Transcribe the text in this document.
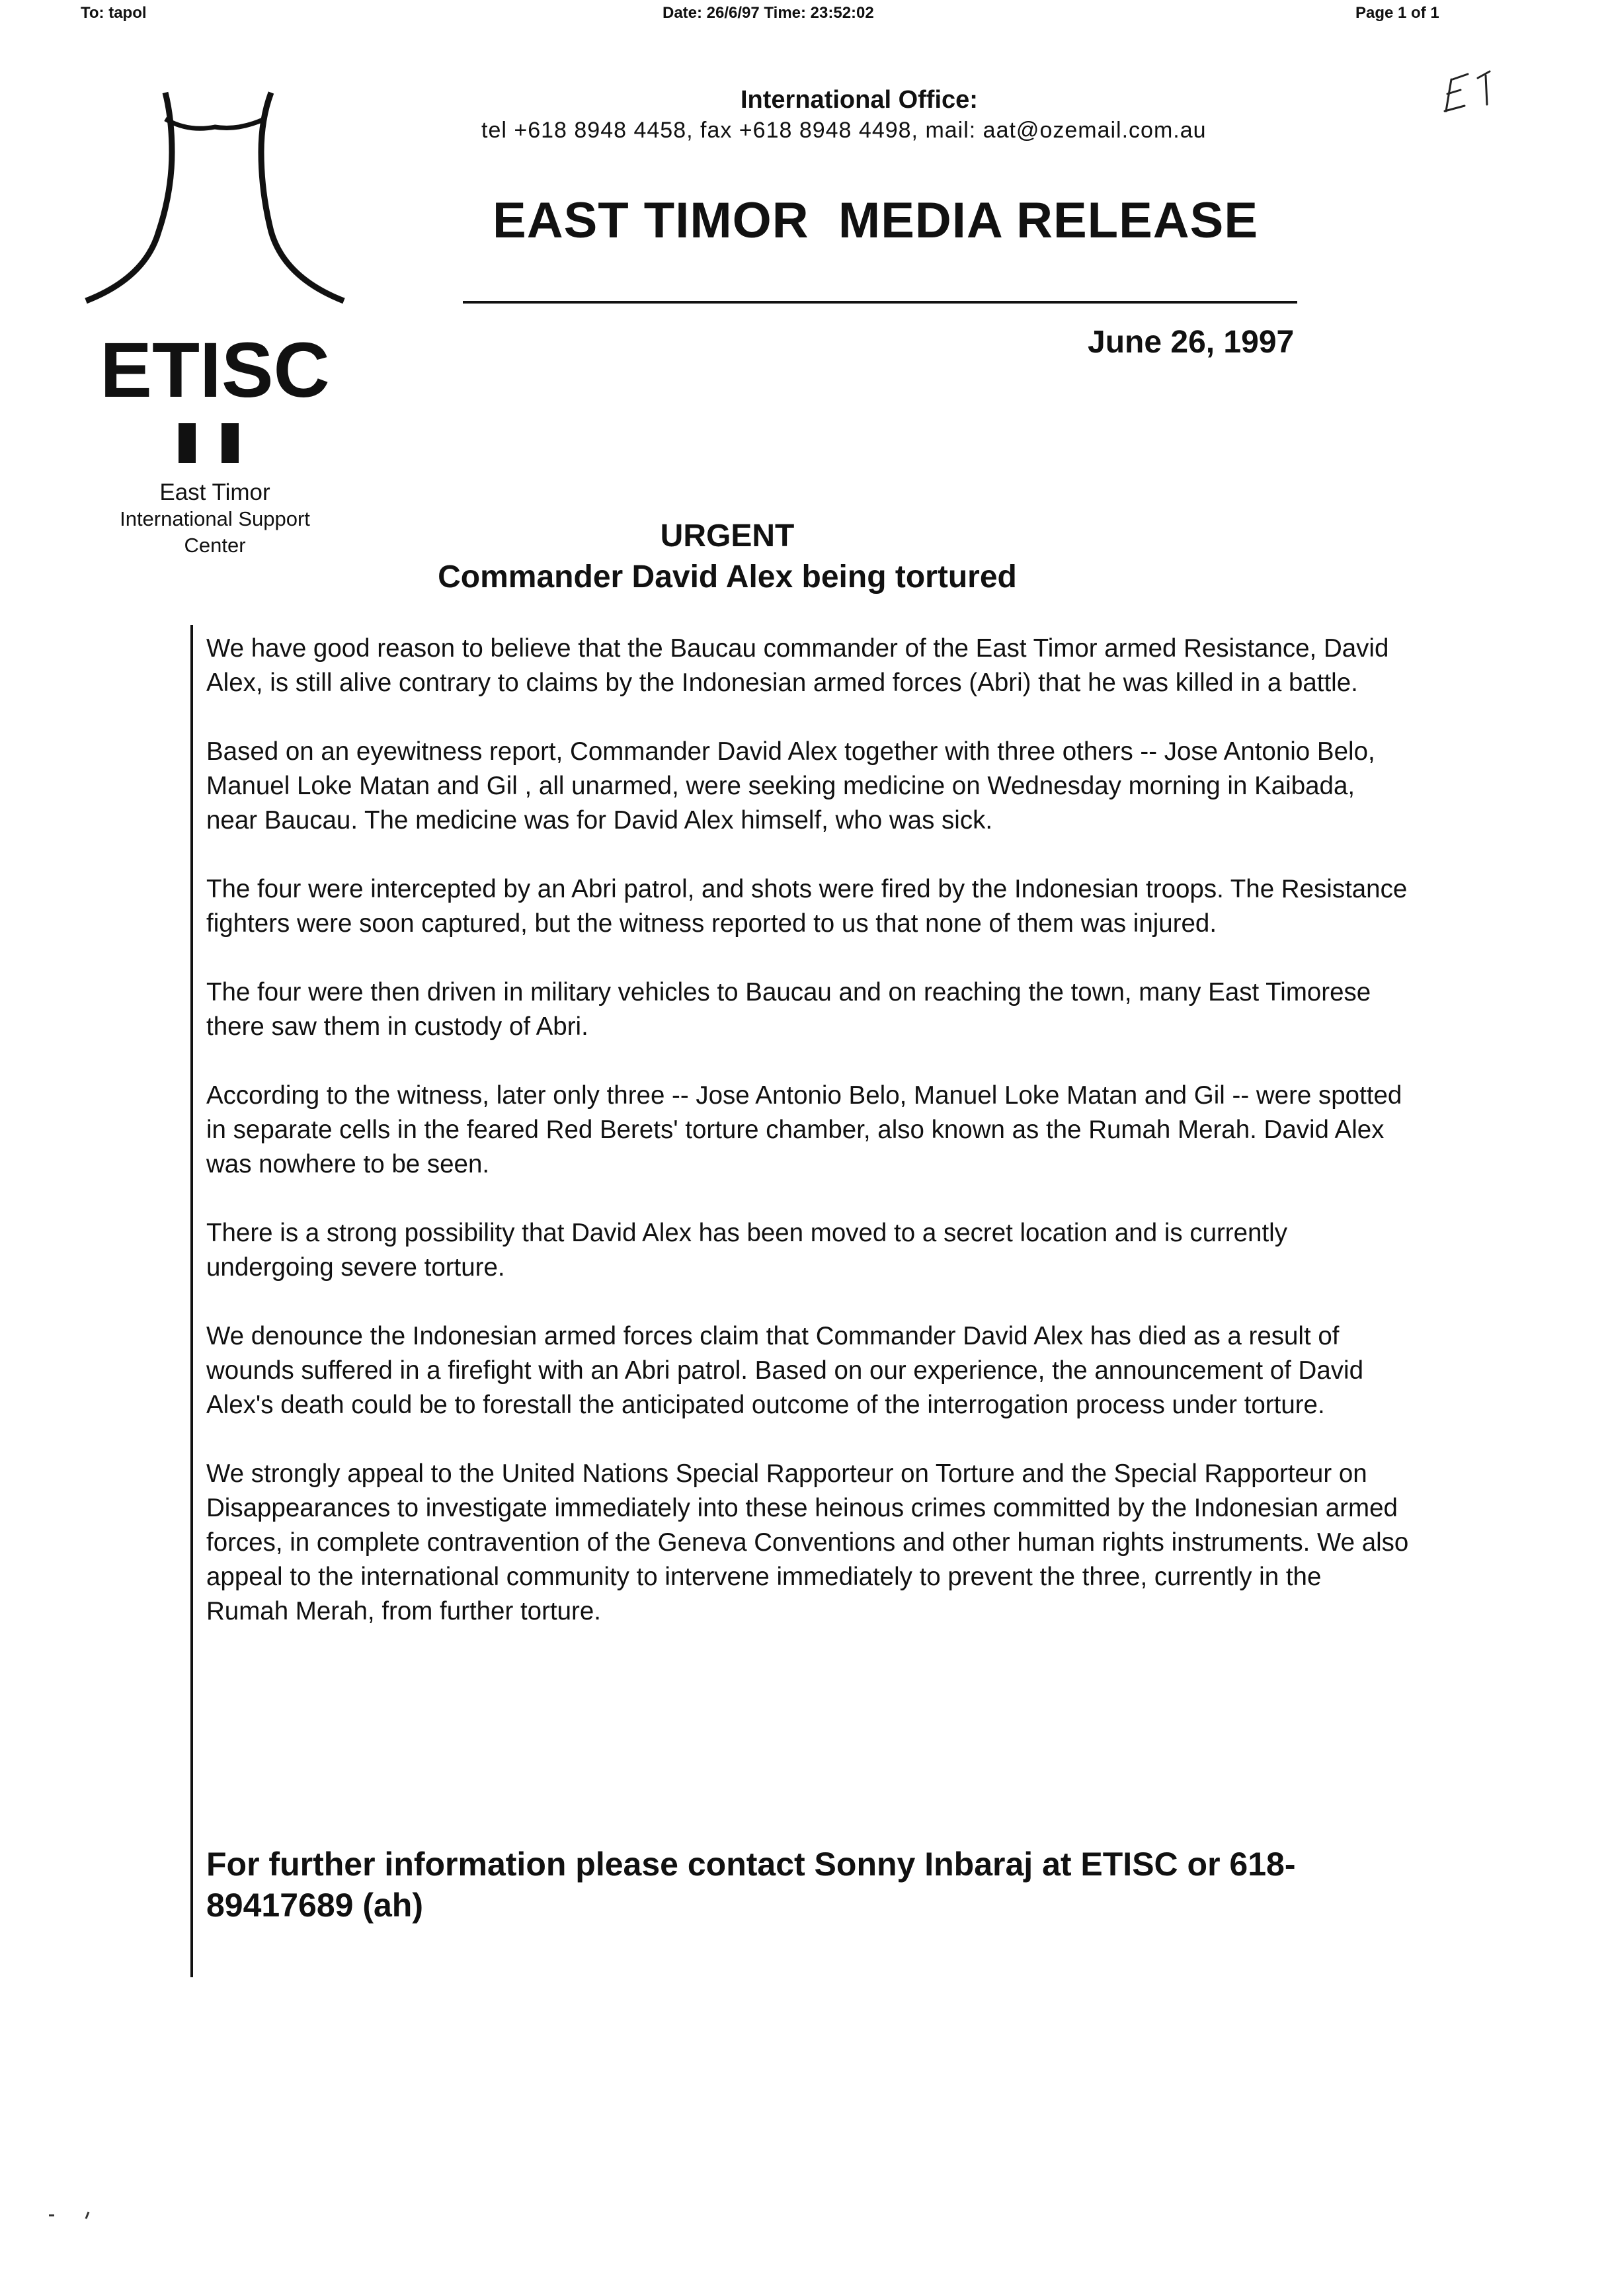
To: tapol	Date: 26/6/97 Time: 23:52:02	Page 1 of 1
ETISC
East Timor
International Support
Center
International Office:
tel +618 8948 4458, fax +618 8948 4498, mail: aat@ozemail.com.au
EAST TIMOR  MEDIA RELEASE
June 26, 1997
URGENT
Commander David Alex being tortured

We have good reason to believe that the Baucau commander of the East Timor armed Resistance, David Alex, is still alive contrary to claims by the Indonesian armed forces (Abri) that he was killed in a battle.

Based on an eyewitness report, Commander David Alex together with three others -- Jose Antonio Belo, Manuel Loke Matan and Gil , all unarmed, were seeking medicine on Wednesday morning in Kaibada, near Baucau. The medicine was for David Alex himself, who was sick.

The four were intercepted by an Abri patrol, and shots were fired by the Indonesian troops. The Resistance fighters were soon captured, but the witness reported to us that none of them was injured.

The four were then driven in military vehicles to Baucau and on reaching the town, many East Timorese there saw them in custody of Abri.

According to the witness, later only three -- Jose Antonio Belo, Manuel Loke Matan and Gil -- were spotted in separate cells in the feared Red Berets' torture chamber, also known as the Rumah Merah. David Alex was nowhere to be seen.

There is a strong possibility that David Alex has been moved to a secret location and is currently undergoing severe torture.

We denounce the Indonesian armed forces claim that Commander David Alex has died as a result of wounds suffered in a firefight with an Abri patrol. Based on our experience, the announcement of David Alex's death could be to forestall the anticipated outcome of the interrogation process under torture.

We strongly appeal to the United Nations Special Rapporteur on Torture and the Special Rapporteur on Disappearances to investigate immediately into these heinous crimes committed by the Indonesian armed forces, in complete contravention of the Geneva Conventions and other human rights instruments. We also appeal to the international community to intervene immediately to prevent the three, currently in the Rumah Merah, from further torture.

For further information please contact Sonny Inbaraj at ETISC or 618-89417689 (ah)
